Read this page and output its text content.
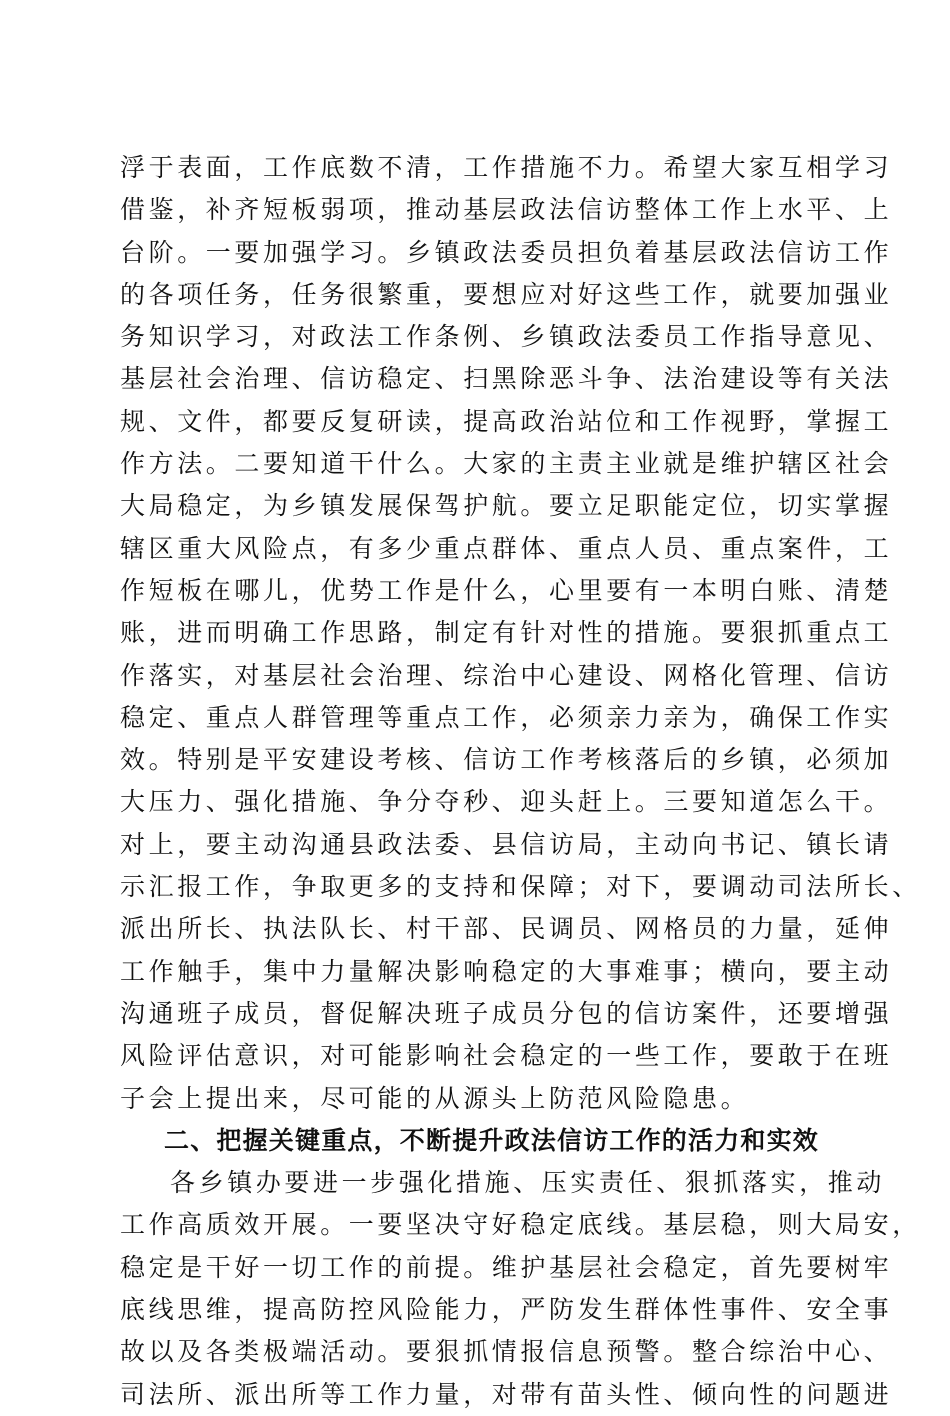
浮于表面，工作底数不清，工作措施不力。希望大家互相学习
借鉴，补齐短板弱项，推动基层政法信访整体工作上水平、上
台阶。一要加强学习。乡镇政法委员担负着基层政法信访工作
的各项任务，任务很繁重，要想应对好这些工作，就要加强业
务知识学习，对政法工作条例、乡镇政法委员工作指导意见、
基层社会治理、信访稳定、扫黑除恶斗争、法治建设等有关法
规、文件，都要反复研读，提高政治站位和工作视野，掌握工
作方法。二要知道干什么。大家的主责主业就是维护辖区社会
大局稳定，为乡镇发展保驾护航。要立足职能定位，切实掌握
辖区重大风险点，有多少重点群体、重点人员、重点案件，工
作短板在哪儿，优势工作是什么，心里要有一本明白账、清楚
账，进而明确工作思路，制定有针对性的措施。要狠抓重点工
作落实，对基层社会治理、综治中心建设、网格化管理、信访
稳定、重点人群管理等重点工作，必须亲力亲为，确保工作实
效。特别是平安建设考核、信访工作考核落后的乡镇，必须加
大压力、强化措施、争分夺秒、迎头赶上。三要知道怎么干。
对上，要主动沟通县政法委、县信访局，主动向书记、镇长请
示汇报工作，争取更多的支持和保障；对下，要调动司法所长、
派出所长、执法队长、村干部、民调员、网格员的力量，延伸
工作触手，集中力量解决影响稳定的大事难事；横向，要主动
沟通班子成员，督促解决班子成员分包的信访案件，还要增强
风险评估意识，对可能影响社会稳定的一些工作，要敢于在班
子会上提出来，尽可能的从源头上防范风险隐患。
二、把握关键重点，不断提升政法信访工作的活力和实效
各乡镇办要进一步强化措施、压实责任、狠抓落实，推动
工作高质效开展。一要坚决守好稳定底线。基层稳，则大局安，
稳定是干好一切工作的前提。维护基层社会稳定，首先要树牢
底线思维，提高防控风险能力，严防发生群体性事件、安全事
故以及各类极端活动。要狠抓情报信息预警。整合综治中心、
司法所、派出所等工作力量，对带有苗头性、倾向性的问题进
